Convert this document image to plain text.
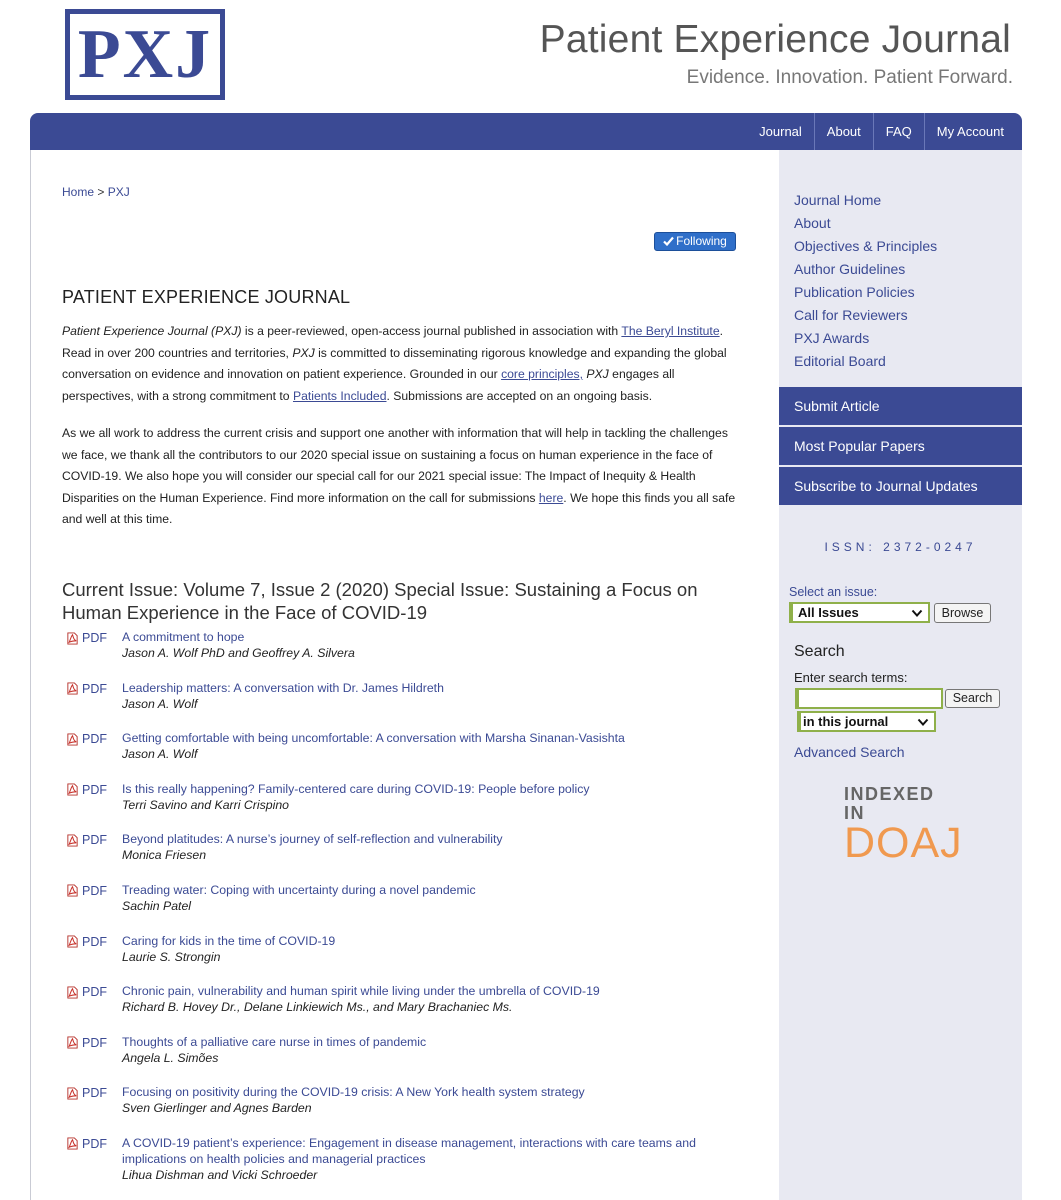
PXJ	Patient Experience Journal
Evidence. Innovation. Patient Forward.
Journal	About	FAQ	My Account
Home > PXJ
Following
PATIENT EXPERIENCE JOURNAL

Patient Experience Journal (PXJ) is a peer-reviewed, open-access journal published in association with The Beryl Institute. Read in over 200 countries and territories, PXJ is committed to disseminating rigorous knowledge and expanding the global conversation on evidence and innovation on patient experience. Grounded in our core principles, PXJ engages all perspectives, with a strong commitment to Patients Included. Submissions are accepted on an ongoing basis.

As we all work to address the current crisis and support one another with information that will help in tackling the challenges we face, we thank all the contributors to our 2020 special issue on sustaining a focus on human experience in the face of COVID-19. We also hope you will consider our special call for our 2021 special issue: The Impact of Inequity & Health Disparities on the Human Experience. Find more information on the call for submissions here. We hope this finds you all safe and well at this time.

Current Issue: Volume 7, Issue 2 (2020) Special Issue: Sustaining a Focus on Human Experience in the Face of COVID-19
PDF A commitment to hope
Jason A. Wolf PhD and Geoffrey A. Silvera
PDF Leadership matters: A conversation with Dr. James Hildreth
Jason A. Wolf
PDF Getting comfortable with being uncomfortable: A conversation with Marsha Sinanan-Vasishta
Jason A. Wolf
PDF Is this really happening? Family-centered care during COVID-19: People before policy
Terri Savino and Karri Crispino
PDF Beyond platitudes: A nurse’s journey of self-reflection and vulnerability
Monica Friesen
PDF Treading water: Coping with uncertainty during a novel pandemic
Sachin Patel
PDF Caring for kids in the time of COVID-19
Laurie S. Strongin
PDF Chronic pain, vulnerability and human spirit while living under the umbrella of COVID-19
Richard B. Hovey Dr., Delane Linkiewich Ms., and Mary Brachaniec Ms.
PDF Thoughts of a palliative care nurse in times of pandemic
Angela L. Simões
PDF Focusing on positivity during the COVID-19 crisis: A New York health system strategy
Sven Gierlinger and Agnes Barden
PDF A COVID-19 patient’s experience: Engagement in disease management, interactions with care teams and implications on health policies and managerial practices
Lihua Dishman and Vicki Schroeder
Journal Home
About
Objectives & Principles
Author Guidelines
Publication Policies
Call for Reviewers
PXJ Awards
Editorial Board
Submit Article
Most Popular Papers
Subscribe to Journal Updates
ISSN: 2372-0247
Select an issue:
All Issues	Browse
Search
Enter search terms:
Search
in this journal
Advanced Search
INDEXED IN
DOAJ
